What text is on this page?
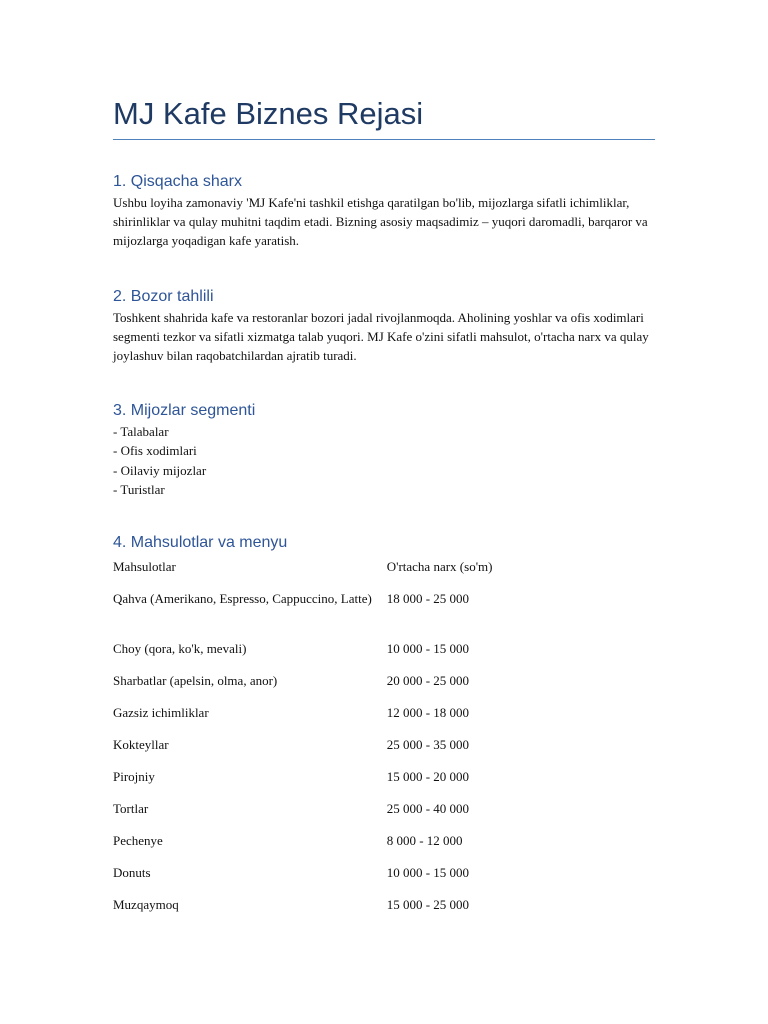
MJ Kafe Biznes Rejasi
1. Qisqacha sharx

Ushbu loyiha zamonaviy 'MJ Kafe'ni tashkil etishga qaratilgan bo'lib, mijozlarga sifatli ichimliklar, shirinliklar va qulay muhitni taqdim etadi. Bizning asosiy maqsadimiz – yuqori daromadli, barqaror va mijozlarga yoqadigan kafe yaratish.

2. Bozor tahlili

Toshkent shahrida kafe va restoranlar bozori jadal rivojlanmoqda. Aholining yoshlar va ofis xodimlari segmenti tezkor va sifatli xizmatga talab yuqori. MJ Kafe o'zini sifatli mahsulot, o'rtacha narx va qulay joylashuv bilan raqobatchilardan ajratib turadi.

3. Mijozlar segmenti
- Talabalar
- Ofis xodimlari
- Oilaviy mijozlar
- Turistlar
4. Mahsulotlar va menyu
Mahsulotlar	O'rtacha narx (so'm)
Qahva (Amerikano, Espresso, Cappuccino, Latte)	18 000 - 25 000
Choy (qora, ko'k, mevali)	10 000 - 15 000
Sharbatlar (apelsin, olma, anor)	20 000 - 25 000
Gazsiz ichimliklar	12 000 - 18 000
Kokteyllar	25 000 - 35 000
Pirojniy	15 000 - 20 000
Tortlar	25 000 - 40 000
Pechenye	8 000 - 12 000
Donuts	10 000 - 15 000
Muzqaymoq	15 000 - 25 000
